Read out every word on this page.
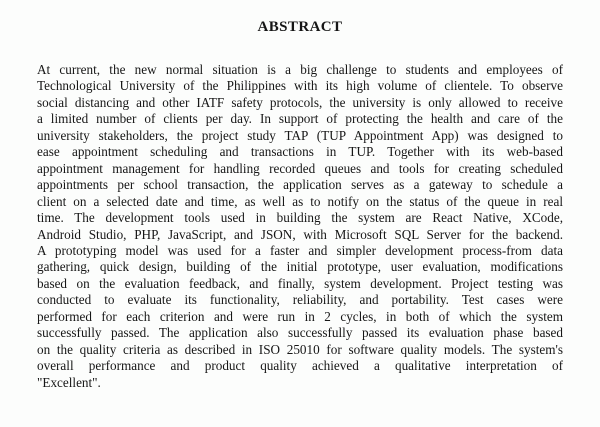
ABSTRACT
At current, the new normal situation is a big challenge to students and employees of
Technological University of the Philippines with its high volume of clientele. To observe
social distancing and other IATF safety protocols, the university is only allowed to receive
a limited number of clients per day. In support of protecting the health and care of the
university stakeholders, the project study TAP (TUP Appointment App) was designed to
ease appointment scheduling and transactions in TUP. Together with its web-based
appointment management for handling recorded queues and tools for creating scheduled
appointments per school transaction, the application serves as a gateway to schedule a
client on a selected date and time, as well as to notify on the status of the queue in real
time. The development tools used in building the system are React Native, XCode,
Android Studio, PHP, JavaScript, and JSON, with Microsoft SQL Server for the backend.
A prototyping model was used for a faster and simpler development process-from data
gathering, quick design, building of the initial prototype, user evaluation, modifications
based on the evaluation feedback, and finally, system development. Project testing was
conducted to evaluate its functionality, reliability, and portability. Test cases were
performed for each criterion and were run in 2 cycles, in both of which the system
successfully passed. The application also successfully passed its evaluation phase based
on the quality criteria as described in ISO 25010 for software quality models. The system's
overall performance and product quality achieved a qualitative interpretation of
"Excellent".
